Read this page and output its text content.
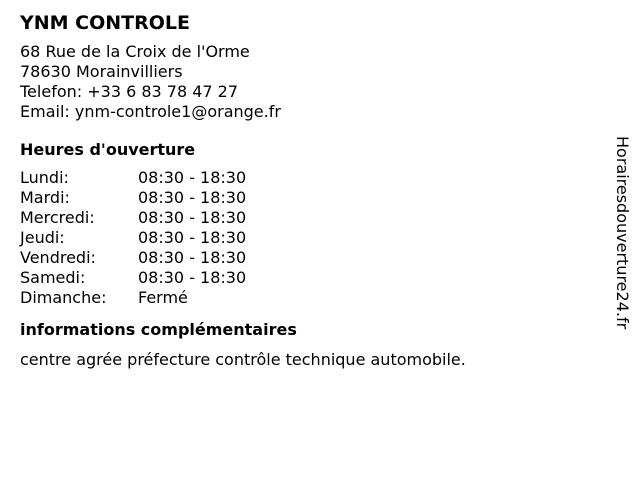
YNM CONTROLE
68 Rue de la Croix de l'Orme
78630 Morainvilliers
Telefon: +33 6 83 78 47 27
Email: ynm-controle1@orange.fr
Heures d'ouverture
Lundi:	08:30 - 18:30
Mardi:	08:30 - 18:30
Mercredi:	08:30 - 18:30
Jeudi:	08:30 - 18:30
Vendredi:	08:30 - 18:30
Samedi:	08:30 - 18:30
Dimanche:	Fermé
informations complémentaires
centre agrée préfecture contrôle technique automobile.
Horairesdouverture24.fr
